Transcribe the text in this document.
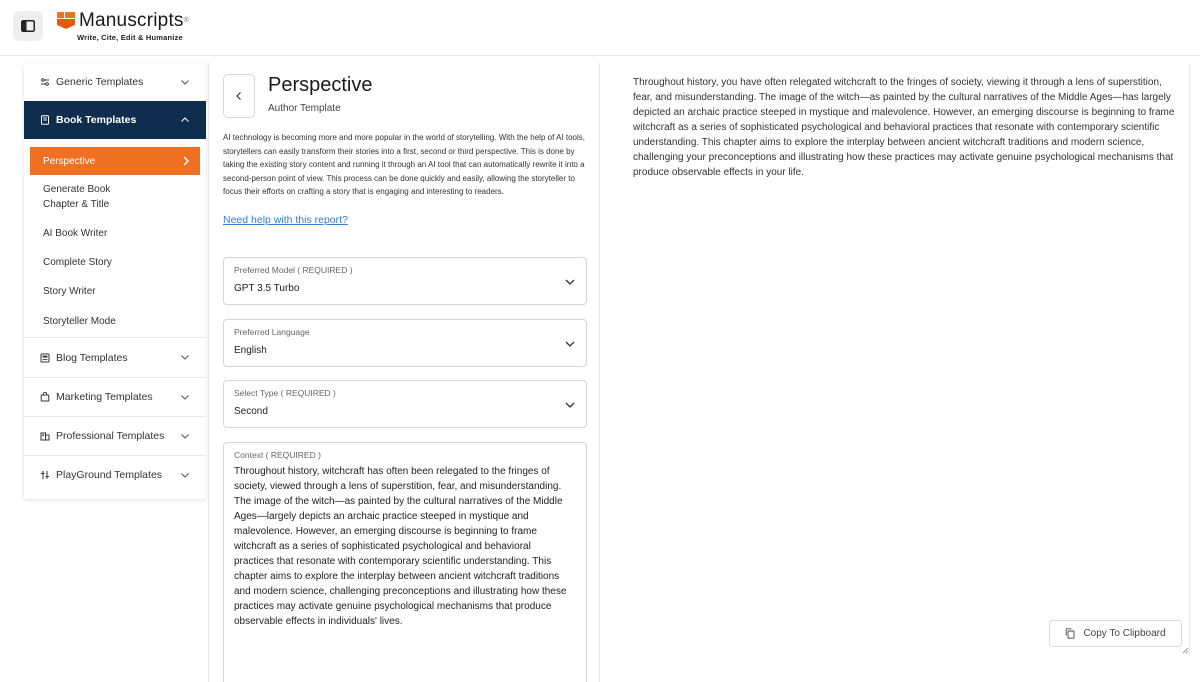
Manuscripts®
Write, Cite, Edit & Humanize
Generic Templates
Book Templates
Perspective
Generate Book Chapter & Title
AI Book Writer
Complete Story
Story Writer
Storyteller Mode
Blog Templates
Marketing Templates
Professional Templates
PlayGround Templates
Perspective
Author Template
AI technology is becoming more and more popular in the world of storytelling. With the help of AI tools, storytellers can easily transform their stories into a first, second or third perspective. This is done by taking the existing story content and running it through an AI tool that can automatically rewrite it into a second-person point of view. This process can be done quickly and easily, allowing the storyteller to focus their efforts on crafting a story that is engaging and interesting to readers.
Need help with this report?
Preferred Model ( REQUIRED )
GPT 3.5 Turbo
Preferred Language
English
Select Type ( REQUIRED )
Second
Context ( REQUIRED )
Throughout history, witchcraft has often been relegated to the fringes of society, viewed through a lens of superstition, fear, and misunderstanding. The image of the witch—as painted by the cultural narratives of the Middle Ages—largely depicts an archaic practice steeped in mystique and malevolence. However, an emerging discourse is beginning to frame witchcraft as a series of sophisticated psychological and behavioral practices that resonate with contemporary scientific understanding. This chapter aims to explore the interplay between ancient witchcraft traditions and modern science, challenging preconceptions and illustrating how these practices may activate genuine psychological mechanisms that produce observable effects in individuals' lives.
Throughout history, you have often relegated witchcraft to the fringes of society, viewing it through a lens of superstition, fear, and misunderstanding. The image of the witch—as painted by the cultural narratives of the Middle Ages—has largely depicted an archaic practice steeped in mystique and malevolence. However, an emerging discourse is beginning to frame witchcraft as a series of sophisticated psychological and behavioral practices that resonate with contemporary scientific understanding. This chapter aims to explore the interplay between ancient witchcraft traditions and modern science, challenging your preconceptions and illustrating how these practices may activate genuine psychological mechanisms that produce observable effects in your life.
Copy To Clipboard
